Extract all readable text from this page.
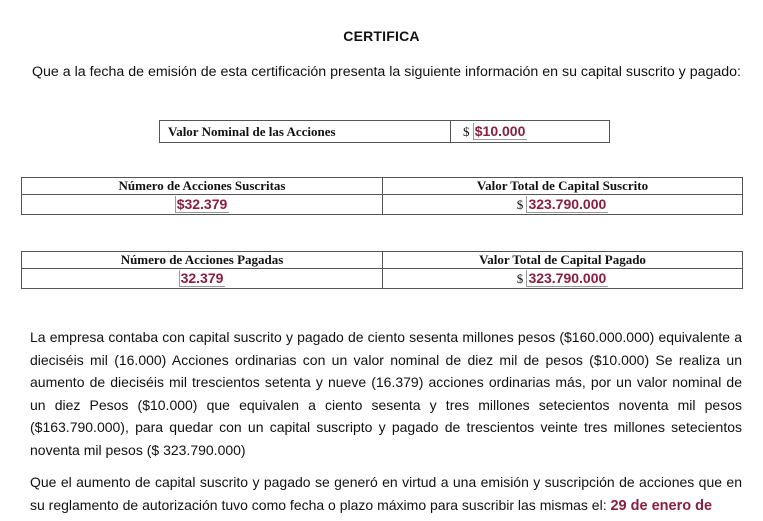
CERTIFICA
Que a la fecha de emisión de esta certificación presenta la siguiente información en su capital suscrito y pagado:
Valor Nominal de las Acciones	$ $10.000
Número de Acciones Suscritas	Valor Total de Capital Suscrito
$32.379	$ 323.790.000
Número de Acciones Pagadas	Valor Total de Capital Pagado
32.379	$ 323.790.000
La empresa contaba con capital suscrito y pagado de ciento sesenta millones pesos ($160.000.000) equivalente a dieciséis mil (16.000) Acciones ordinarias con un valor nominal de diez mil de pesos ($10.000) Se realiza un aumento de dieciséis mil trescientos setenta y nueve (16.379) acciones ordinarias más, por un valor nominal de un diez Pesos ($10.000) que equivalen a ciento sesenta y tres millones setecientos noventa mil pesos ($163.790.000), para quedar con un capital suscripto y pagado de trescientos veinte tres millones setecientos noventa mil pesos ($ 323.790.000)
Que el aumento de capital suscrito y pagado se generó en virtud a una emisión y suscripción de acciones que en su reglamento de autorización tuvo como fecha o plazo máximo para suscribir las mismas el: 29 de enero de
